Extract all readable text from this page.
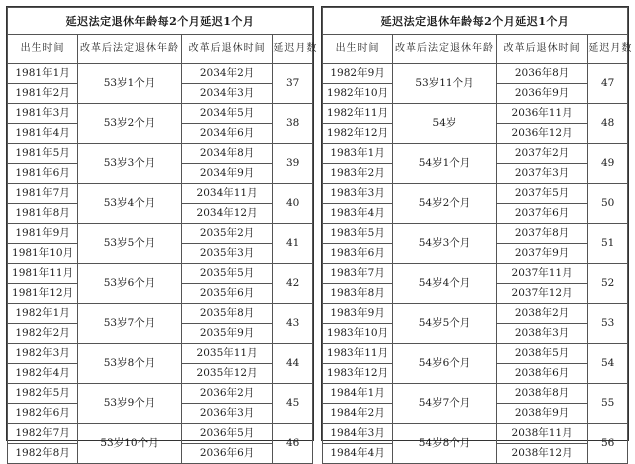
延迟法定退休年龄每2个月延迟1个月			
出生时间	改革后法定退休年龄	改革后退休时间	延迟月数
1981年1月	53岁1个月	2034年2月	37
1981年2月		2034年3月	
1981年3月	53岁2个月	2034年5月	38
1981年4月		2034年6月	
1981年5月	53岁3个月	2034年8月	39
1981年6月		2034年9月	
1981年7月	53岁4个月	2034年11月	40
1981年8月		2034年12月	
1981年9月	53岁5个月	2035年2月	41
1981年10月		2035年3月	
1981年11月	53岁6个月	2035年5月	42
1981年12月		2035年6月	
1982年1月	53岁7个月	2035年8月	43
1982年2月		2035年9月	
1982年3月	53岁8个月	2035年11月	44
1982年4月		2035年12月	
1982年5月	53岁9个月	2036年2月	45
1982年6月		2036年3月	
1982年7月	53岁10个月	2036年5月	46
1982年8月		2036年6月	
延迟法定退休年龄每2个月延迟1个月			
出生时间	改革后法定退休年龄	改革后退休时间	延迟月数
1982年9月	53岁11个月	2036年8月	47
1982年10月		2036年9月	
1982年11月	54岁	2036年11月	48
1982年12月		2036年12月	
1983年1月	54岁1个月	2037年2月	49
1983年2月		2037年3月	
1983年3月	54岁2个月	2037年5月	50
1983年4月		2037年6月	
1983年5月	54岁3个月	2037年8月	51
1983年6月		2037年9月	
1983年7月	54岁4个月	2037年11月	52
1983年8月		2037年12月	
1983年9月	54岁5个月	2038年2月	53
1983年10月		2038年3月	
1983年11月	54岁6个月	2038年5月	54
1983年12月		2038年6月	
1984年1月	54岁7个月	2038年8月	55
1984年2月		2038年9月	
1984年3月	54岁8个月	2038年11月	56
1984年4月		2038年12月	
